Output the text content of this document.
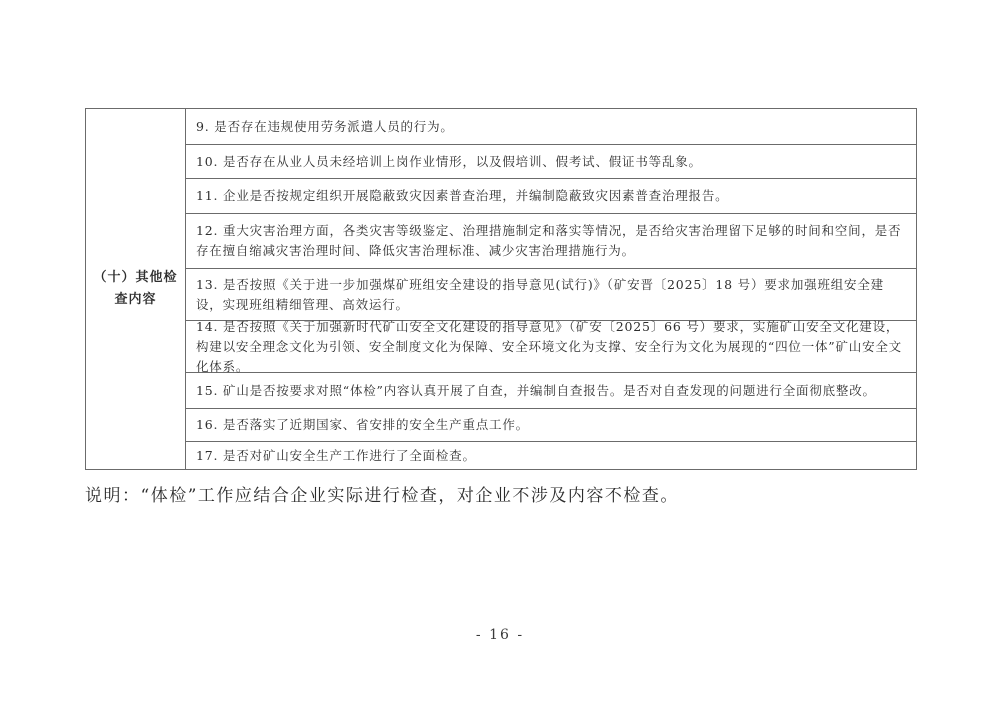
（十）其他检查内容
9. 是否存在违规使用劳务派遣人员的行为。
10. 是否存在从业人员未经培训上岗作业情形，以及假培训、假考试、假证书等乱象。
11. 企业是否按规定组织开展隐蔽致灾因素普查治理，并编制隐蔽致灾因素普查治理报告。
12. 重大灾害治理方面，各类灾害等级鉴定、治理措施制定和落实等情况，是否给灾害治理留下足够的时间和空间，是否存在擅自缩减灾害治理时间、降低灾害治理标准、减少灾害治理措施行为。
13. 是否按照《关于进一步加强煤矿班组安全建设的指导意见(试行)》（矿安晋〔2025〕18 号）要求加强班组安全建设，实现班组精细管理、高效运行。
14. 是否按照《关于加强新时代矿山安全文化建设的指导意见》（矿安〔2025〕66 号）要求，实施矿山安全文化建设，构建以安全理念文化为引领、安全制度文化为保障、安全环境文化为支撑、安全行为文化为展现的“四位一体”矿山安全文化体系。
15. 矿山是否按要求对照“体检”内容认真开展了自查，并编制自查报告。是否对自查发现的问题进行全面彻底整改。
16. 是否落实了近期国家、省安排的安全生产重点工作。
17. 是否对矿山安全生产工作进行了全面检查。

说明：“体检”工作应结合企业实际进行检查，对企业不涉及内容不检查。

- 16 -
